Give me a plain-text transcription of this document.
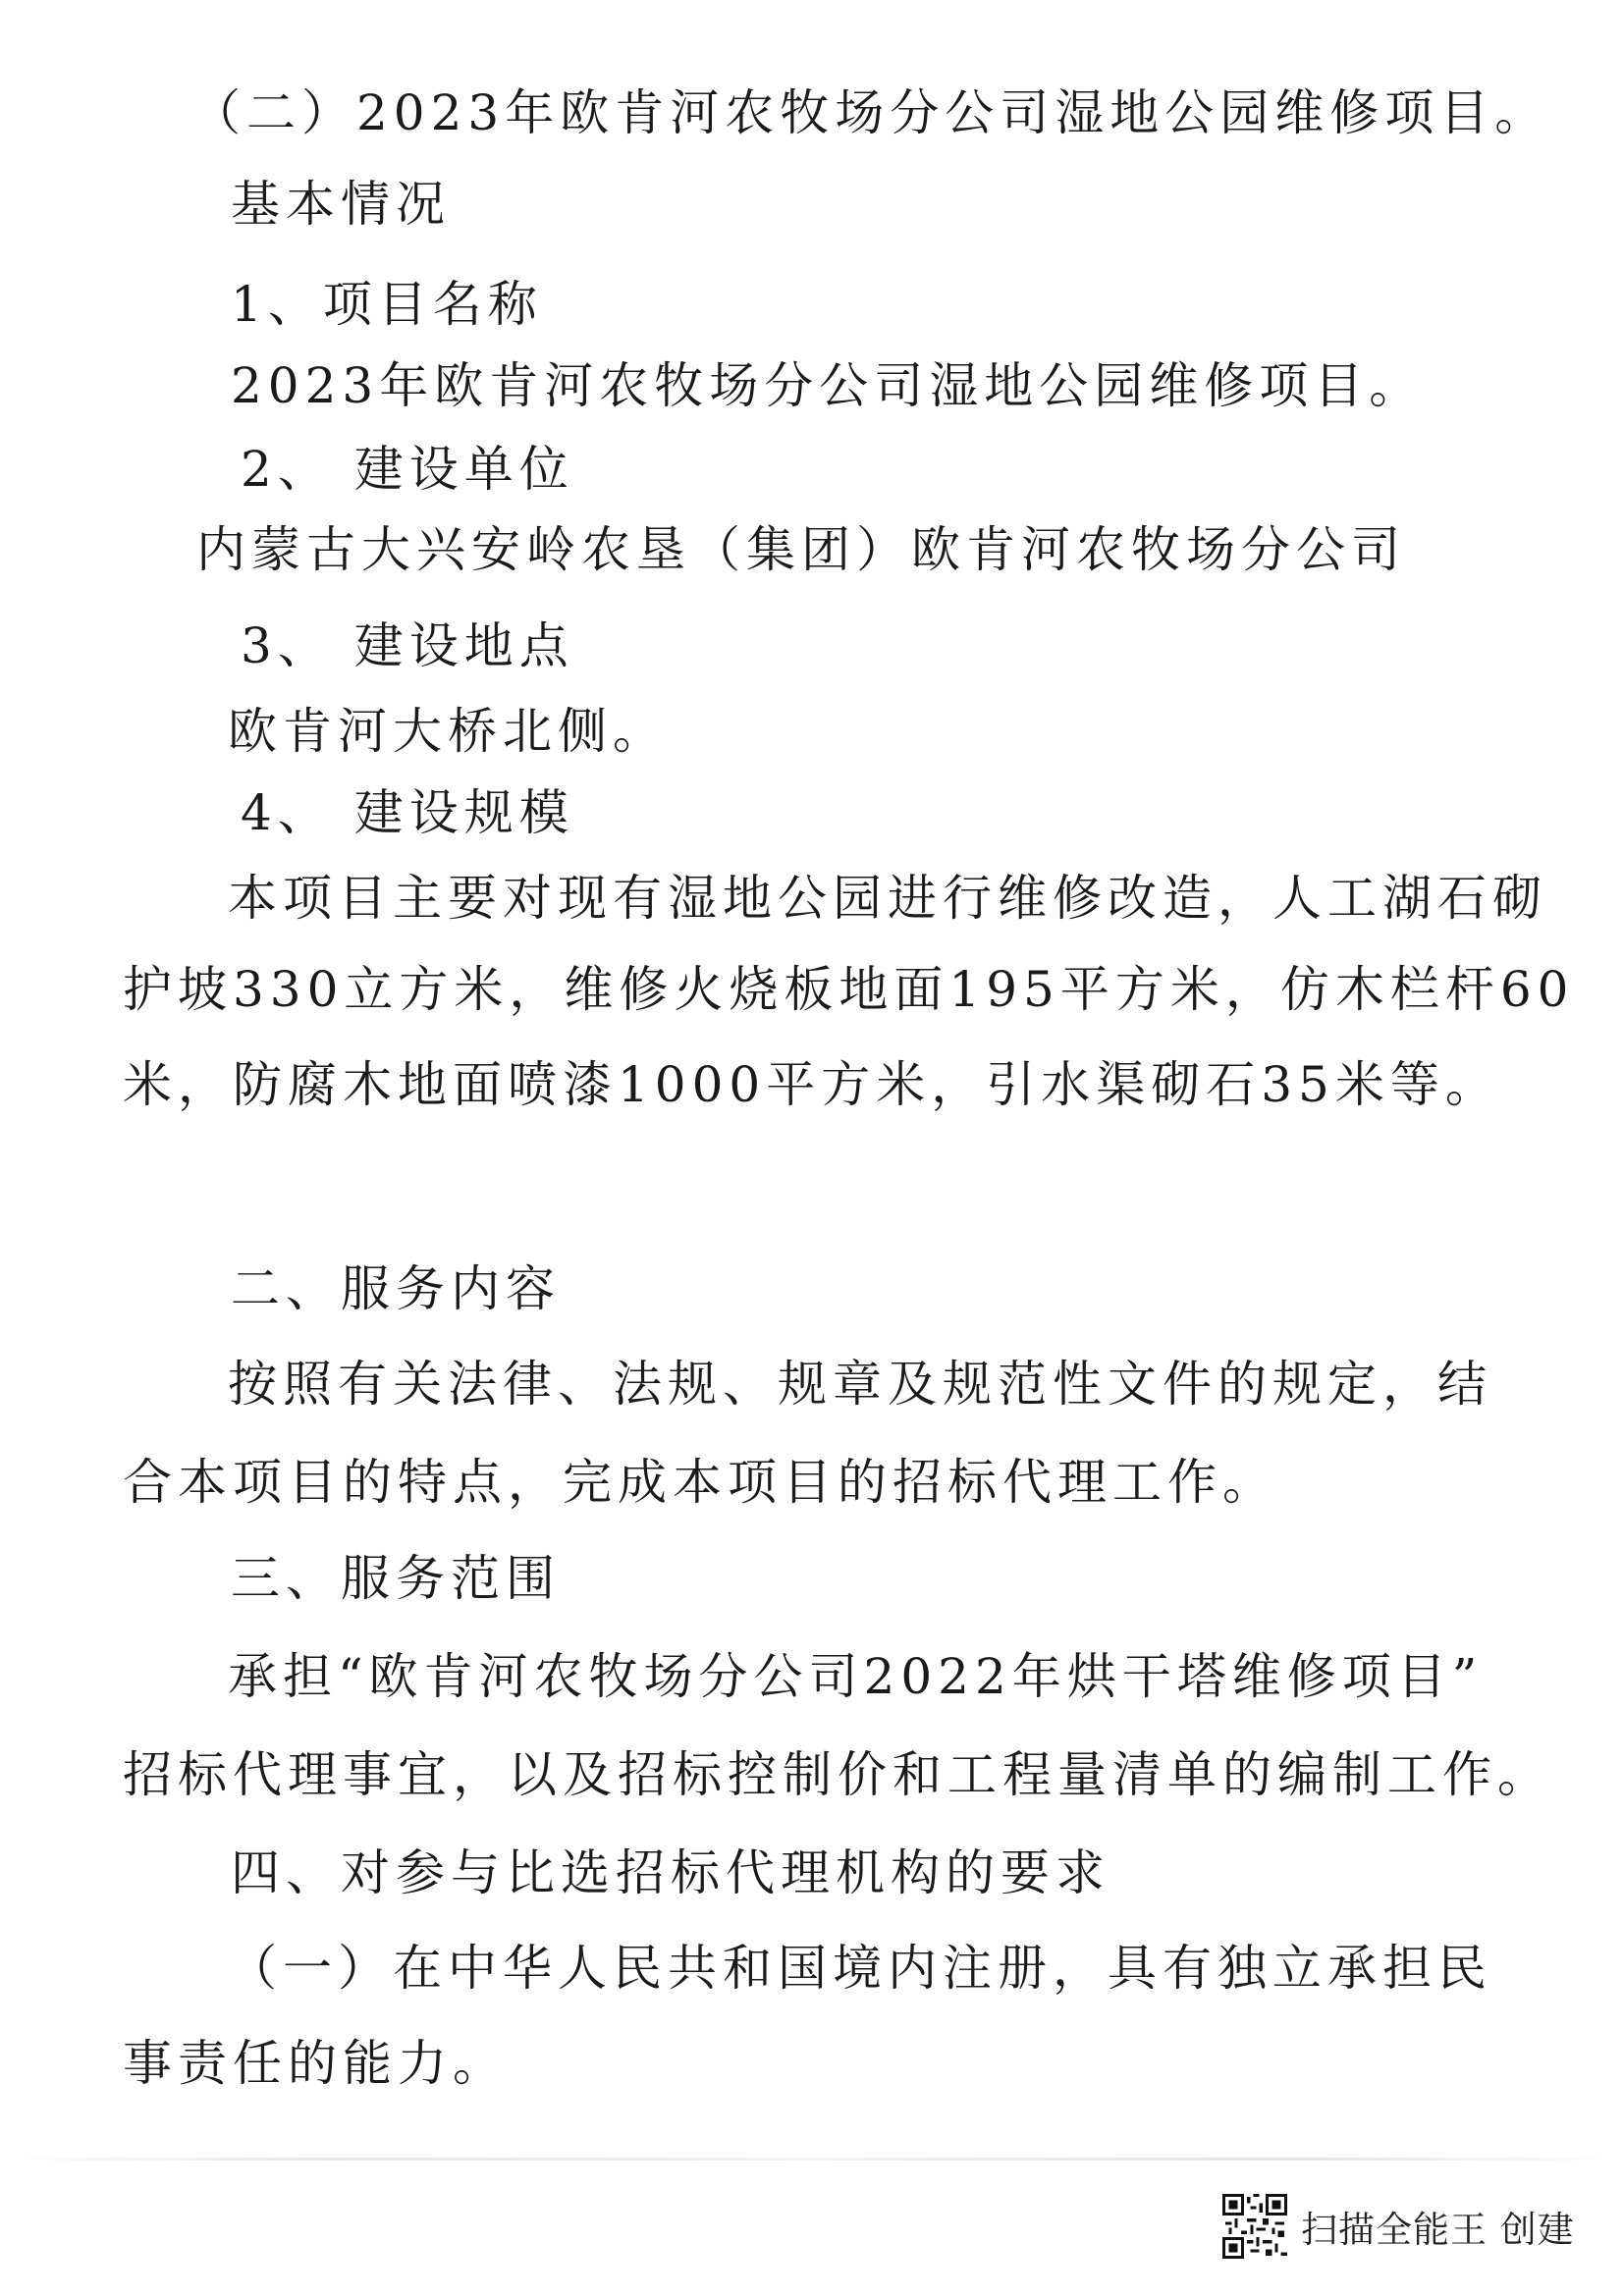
（二）2023年欧肯河农牧场分公司湿地公园维修项目。
基本情况
1、项目名称
2023年欧肯河农牧场分公司湿地公园维修项目。
2、 建设单位
内蒙古大兴安岭农垦（集团）欧肯河农牧场分公司
3、 建设地点
欧肯河大桥北侧。
4、 建设规模
本项目主要对现有湿地公园进行维修改造，人工湖石砌
护坡330立方米，维修火烧板地面195平方米，仿木栏杆60
米，防腐木地面喷漆1000平方米，引水渠砌石35米等。
二、服务内容
按照有关法律、法规、规章及规范性文件的规定，结
合本项目的特点，完成本项目的招标代理工作。
三、服务范围
承担“欧肯河农牧场分公司2022年烘干塔维修项目”
招标代理事宜，以及招标控制价和工程量清单的编制工作。
四、对参与比选招标代理机构的要求
（一）在中华人民共和国境内注册，具有独立承担民
事责任的能力。
扫描全能王 创建
